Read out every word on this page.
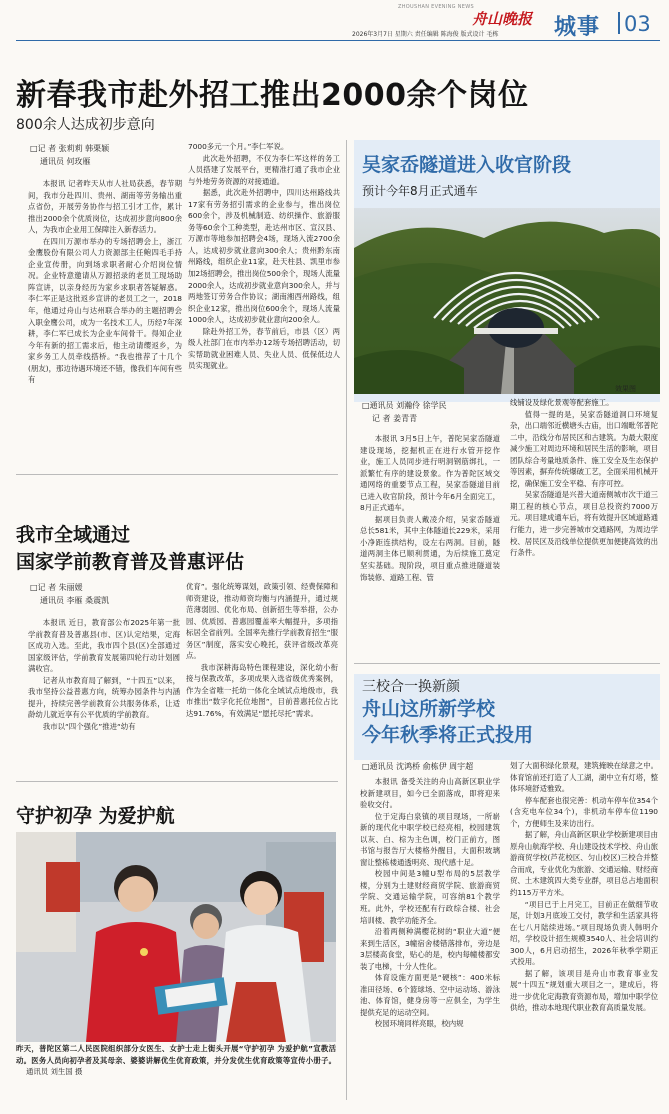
ZHOUSHAN EVENING NEWS
舟山晚报
2026年3月7日 星期六 责任编辑 陈海俊 版式设计 毛栋	城事 03
新春我市赴外招工推出2000余个岗位
800余人达成初步意向
□记 者 张莉莉 韩栗颖
通讯员 何玫雁

本报讯 记者昨天从市人社局获悉，春节期间，我市分赴四川、贵州、湖南等劳务输出重点省份，开展劳务协作与招工引才工作，累计推出2000余个优质岗位，达成初步意向800余人，为我市企业用工保障注入新春活力。

在四川万源市举办的专场招聘会上，浙江金鹰股份有限公司人力资源部主任鲍四毛手持企业宣传册，向到场求职者耐心介绍岗位情况。企业特意邀请从万源招录的老员工现场助阵宣讲，以亲身经历为家乡求职者答疑解惑。李仁军正是这批返乡宣讲的老员工之一，2018年，他通过舟山与达州联合举办的主题招聘会入职金鹰公司，成为一名技术工人，历经7年深耕，李仁军已成长为企业车间骨干。得知企业今年有新的招工需求后，他主动请缨返乡，为家乡务工人员牵线搭桥。“我也推荐了十几个(朋友)，那边待遇环境还不错，像我们车间有些有

7000多元一个月。”李仁军说。

此次赴外招聘，不仅为李仁军这样的务工人员搭建了发展平台，更精准打通了我市企业与外地劳务资源的对接通道。

据悉，此次赴外招聘中，四川达州路线共17家有劳务招引需求的企业参与，推出岗位600余个，涉及机械制造、纺织操作、旅游服务等60余个工种类型，赴达州市区、宣汉县、万源市等地参加招聘会4场，现场入流2700余人，达成初步就业意向300余人；贵州黔东南州路线，组织企业11家，赴天柱县、凯里市参加2场招聘会，推出岗位500余个，现场人流量2000余人，达成初步就业意向300余人，并与两地签订劳务合作协议；湖南湘西州路线，组织企业12家，推出岗位600余个，现场人流量1000余人，达成初步就业意向200余人。

除赴外招工外，春节前后，市县（区）两级人社部门在市内举办12场专场招聘活动，切实帮助就业困难人员、失业人员、低保低边人员实现就业。

我市全域通过
国家学前教育普及普惠评估
□记 者 朱丽媛
通讯员 李雁 桑震凯

本报讯 近日，教育部公布2025年第一批学前教育普及普惠县(市、区)认定结果，定海区成功入选。至此，我市四个县(区)全部通过国家级评估，学前教育发展第四轮行动计划圆满收官。

记者从市教育局了解到，“十四五”以来，我市坚持公益普惠方向，统筹办园条件与内涵提升，持续完善学前教育公共服务体系，让适龄幼儿就近享有公平优质的学前教育。

我市以“四个强化”推进“幼有

优育”。强化统筹谋划，政策引领、经费保障和师资建设，推动师资均衡与内涵提升，通过规范薄弱园、优化布局、创新招生等举措，公办园、优质园、普惠园覆盖率大幅提升，多项指标居全省前列。全国率先推行学前教育招生“服务区”制度，落实安心晚托，获评省级改革亮点。

我市深耕海岛特色课程建设，深化幼小衔接与保教改革，多项成果入选省级优秀案例，作为全省唯一托幼一体化全域试点地级市，我市推出“数字化托位地图”，目前普惠托位占比达91.76%，有效满足“愿托尽托”需求。

吴家岙隧道进入收官阶段
预计今年8月正式通车
效果图
□通讯员 刘瀚伶 徐学民
记 者 姜青青

本报讯 3月5日上午，普陀吴家岙隧道建设现场，挖掘机正在进行水管开挖作业，施工人员同步进行明洞钢筋绑扎，一派繁忙有序的建设景象。作为普陀区域交通网络的重要节点工程，吴家岙隧道目前已进入收官阶段，预计今年6月全面完工，8月正式通车。

据项目负责人戴凌介绍，吴家岙隧道总长581米，其中主体隧道长229米，采用小净距连拱结构，设左右两洞。目前，隧道两洞主体已顺利贯通，为后续施工奠定坚实基础。现阶段，项目重点推进隧道装饰装修、道路工程、管

线铺设及绿化景观等配套施工。

值得一提的是，吴家岙隧道洞口环境复杂，出口端邻近横塘头古庙，出口端毗邻普陀二中，沿线分布居民区和古建筑。为最大限度减少施工对周边环境和居民生活的影响，项目团队综合考量地质条件、施工安全及生态保护等因素，摒弃传统爆破工艺，全面采用机械开挖，确保施工安全平稳、有序可控。

吴家岙隧道是兴普大道南侧城市次干道三期工程的核心节点，项目总投资约7000万元。项目建成通车后，将有效提升区域道路通行能力，进一步完善城市交通路网，为周边学校、居民区及沿线单位提供更加便捷高效的出行条件。

三校合一换新颜
舟山这所新学校
今年秋季将正式投用
□通讯员 沈鸿桥 俞栋伊 周宇超

本报讯 备受关注的舟山高新区职业学校新建项目，如今已全面落成，即将迎来验收交付。

位于定海白泉镇的项目现场，一所崭新的现代化中职学校已经亮相，校园建筑以灰、白、棕为主色调，校门正前方，图书馆与报告厅大楼格外醒目，大面积玻璃窗让整栋楼通透明亮、现代感十足。

校园中间是3幢U型布局的5层教学楼，分别为土建财经商贸学院、旅游商贸学院、交通运输学院，可容纳81个教学班。此外，学校还配有行政综合楼、社会培训楼、教学功能齐全。

沿着两侧种满樱花树的“职业大道”便来到生活区，3幢宿舍楼错落排布，旁边是3层楼高食堂，贴心的是，校内每幢楼都安装了电梯，十分人性化。

体育设施方面更是“硬核”：400米标准田径场、6个篮球场、空中运动场、游泳池、体育馆，健身房等一应俱全，为学生提供充足的运动空间。

校园环境同样亮眼，校内规

划了大面积绿化景观，建筑掩映在绿意之中。体育馆前还打造了人工湖，湖中立有灯塔，整体环境舒适雅致。

停车配套也很完善：机动车停车位354个(含充电车位34个)，非机动车停车位1190个，方便师生及来访出行。

据了解，舟山高新区职业学校新建项目由原舟山航海学校、舟山建设技术学校、舟山旅游商贸学校(芦花校区、匀山校区)三校合并整合而成，专业优化为旅游、交通运输、财经商贸、土木建筑四大类专业群，项目总占地面积约115万平方米。

“项目已于上月完工，目前正在做细节收尾，计划3月底竣工交付，教学和生活家具将在七八月陆续进场。”项目现场负责人韩明介绍，学校设计招生规模3540人、社会培训约300人，6月启动招生，2026年秋季学期正式投用。

据了解，该项目是舟山市教育事业发展“十四五”规划重大项目之一，建成后，将进一步优化定海教育资源布局，增加中职学位供给，推动本地现代职业教育高质量发展。

守护初孕 为爱护航
昨天，普陀区第二人民医院组织部分女医生、女护士走上街头开展“守护初孕 为爱护航”宣教活动。医务人员向初孕者及其母亲、婆婆讲解优生优育政策，并分发优生优育政策等宣传小册子。通讯员 刘生国 摄
